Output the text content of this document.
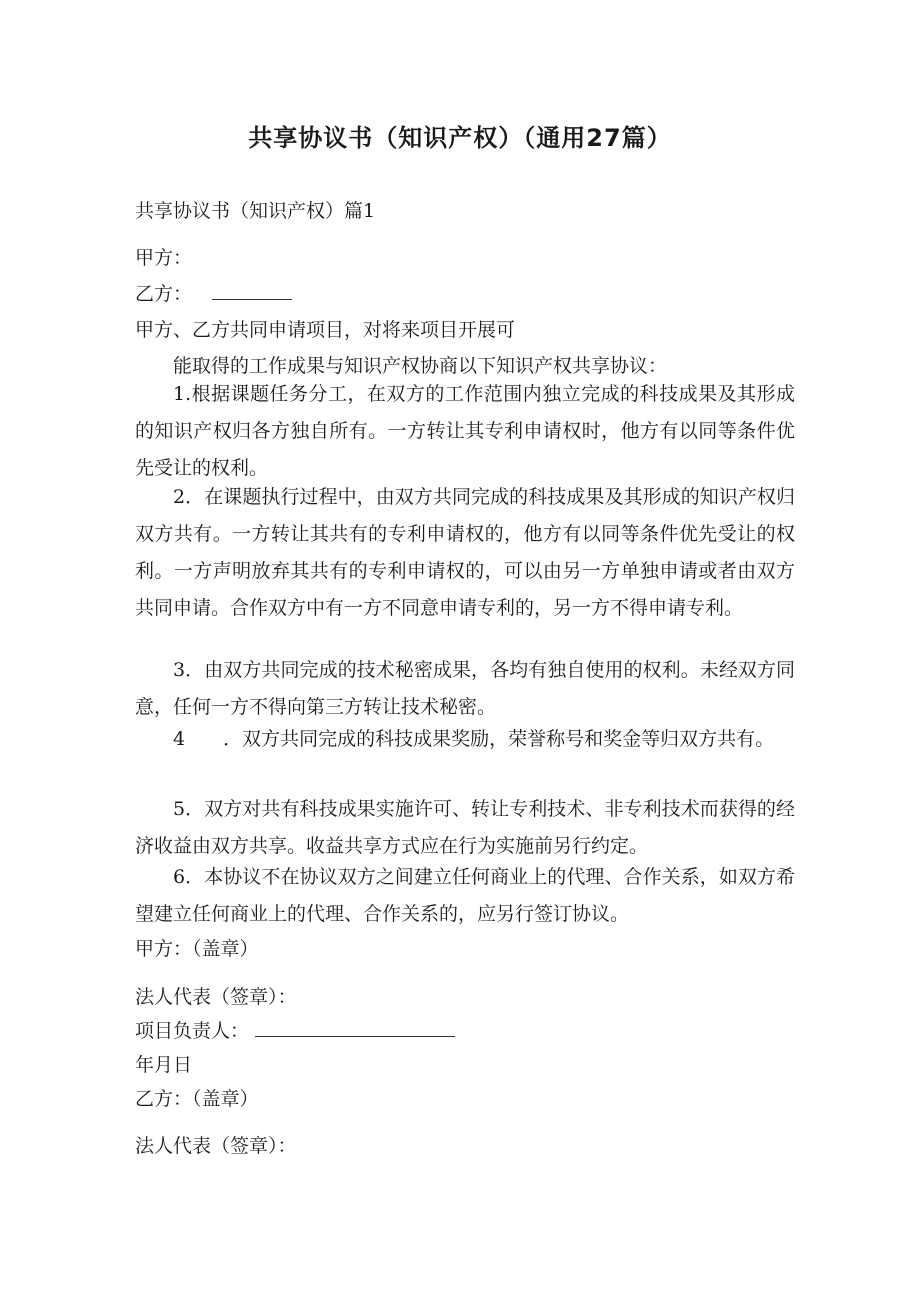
共享协议书（知识产权）（通用27篇）
共享协议书（知识产权）篇1
甲方：
乙方：
甲方、乙方共同申请项目，对将来项目开展可
能取得的工作成果与知识产权协商以下知识产权共享协议：
1.根据课题任务分工，在双方的工作范围内独立完成的科技成果及其形成的知识产权归各方独自所有。一方转让其专利申请权时，他方有以同等条件优先受让的权利。
2．在课题执行过程中，由双方共同完成的科技成果及其形成的知识产权归双方共有。一方转让其共有的专利申请权的，他方有以同等条件优先受让的权利。一方声明放弃其共有的专利申请权的，可以由另一方单独申请或者由双方共同申请。合作双方中有一方不同意申请专利的，另一方不得申请专利。
3．由双方共同完成的技术秘密成果，各均有独自使用的权利。未经双方同意，任何一方不得向第三方转让技术秘密。
4　　．双方共同完成的科技成果奖励，荣誉称号和奖金等归双方共有。
5．双方对共有科技成果实施许可、转让专利技术、非专利技术而获得的经济收益由双方共享。收益共享方式应在行为实施前另行约定。
6．本协议不在协议双方之间建立任何商业上的代理、合作关系，如双方希望建立任何商业上的代理、合作关系的，应另行签订协议。
甲方：（盖章）
法人代表（签章）：
项目负责人：
年月日
乙方：（盖章）
法人代表（签章）：
